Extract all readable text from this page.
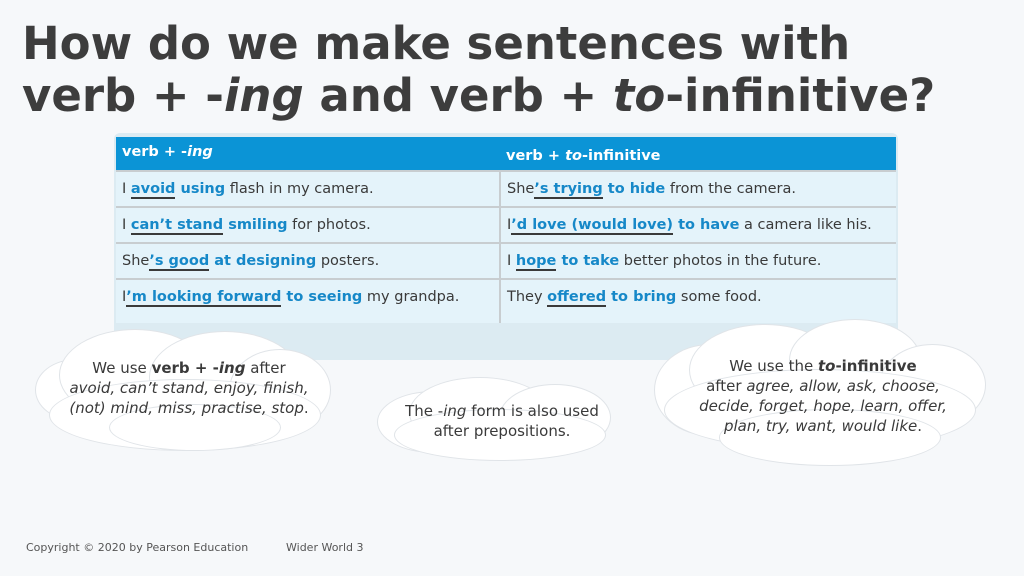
How do we make sentences with
verb + -ing and verb + to-infinitive?
verb + -ing	verb + to-infinitive
I avoid using flash in my camera.	She’s trying to hide from the camera.
I can’t stand smiling for photos.	I’d love (would love) to have a camera like his.
She’s good at designing posters.	I hope to take better photos in the future.
I’m looking forward to seeing my grandpa.	They offered to bring some food.
We use verb + -ing after
avoid, can’t stand, enjoy, finish, (not) mind, miss, practise, stop.	The -ing form is also used after prepositions.
We use the to-infinitive
after agree, allow, ask, choose, decide, forget, hope, learn, offer, plan, try, want, would like.
Copyright © 2020 by Pearson Education	Wider World 3
